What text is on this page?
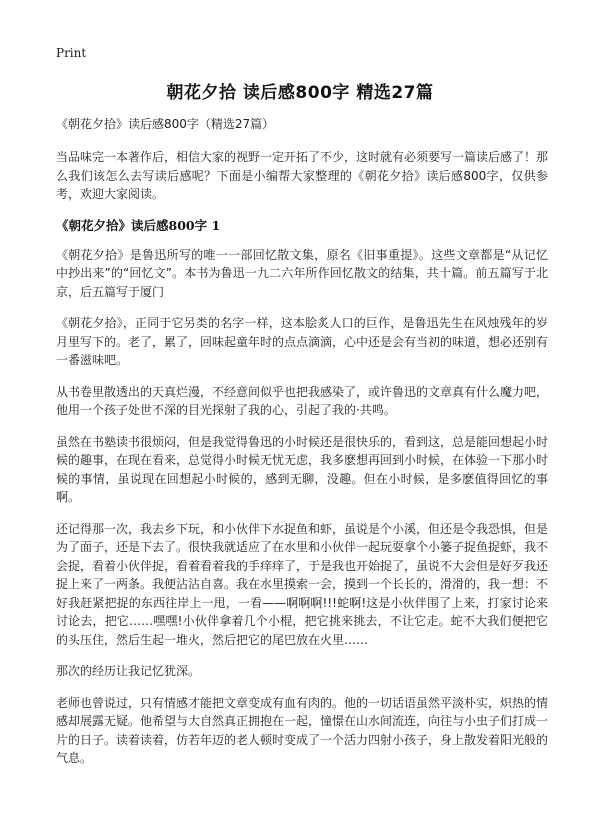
Print
朝花夕拾 读后感800字 精选27篇

《朝花夕拾》读后感800字（精选27篇）

当品味完一本著作后，相信大家的视野一定开拓了不少，这时就有必须要写一篇读后感了！那么我们该怎么去写读后感呢？下面是小编帮大家整理的《朝花夕拾》读后感800字，仅供参考，欢迎大家阅读。

《朝花夕拾》读后感800字 1

《朝花夕拾》是鲁迅所写的唯一一部回忆散文集，原名《旧事重提》。这些文章都是“从记忆中抄出来”的“回忆文”。本书为鲁迅一九二六年所作回忆散文的结集，共十篇。前五篇写于北京，后五篇写于厦门

《朝花夕拾》，正同于它另类的名字一样，这本脍炙人口的巨作，是鲁迅先生在风烛残年的岁月里写下的。老了，累了，回味起童年时的点点滴滴，心中还是会有当初的味道，想必还别有一番滋味吧。

从书卷里散透出的天真烂漫，不经意间似乎也把我感染了，或许鲁迅的文章真有什么魔力吧，他用一个孩子处世不深的目光探射了我的心，引起了我的·共鸣。

虽然在书塾读书很烦闷，但是我觉得鲁迅的小时候还是很快乐的，看到这，总是能回想起小时候的趣事，在现在看来，总觉得小时候无忧无虑，我多麽想再回到小时候，在体验一下那小时候的事情，虽说现在回想起小时候的，感到无聊，没趣。但在小时候，是多麽值得回忆的事啊。

还记得那一次，我去乡下玩，和小伙伴下水捉鱼和虾，虽说是个小溪，但还是令我恐惧，但是为了面子，还是下去了。很快我就适应了在水里和小伙伴一起玩耍拿个小篓子捉鱼捉虾，我不会捉，看着小伙伴捉，看着看着我的手痒痒了，于是我也开始捉了，虽说不大会但是好歹我还捉上来了一两条。我便沾沾自喜。我在水里摸索一会，摸到一个长长的，滑滑的，我一想：不好我赶紧把捉的东西往岸上一甩，一看——啊啊啊!!!蛇啊!这是小伙伴围了上来，打家讨论来讨论去，把它……嘿嘿!小伙伴拿着几个小棍，把它挑来挑去，不让它走。蛇不大我们便把它的头压住，然后生起一堆火，然后把它的尾巴放在火里……

那次的经历让我记忆犹深。

老师也曾说过，只有情感才能把文章变成有血有肉的。他的一切话语虽然平淡朴实，炽热的情感却展露无疑。他希望与大自然真正拥抱在一起，憧憬在山水间流连，向往与小虫子们打成一片的日子。读着读着，仿若年迈的老人顿时变成了一个活力四射小孩子，身上散发着阳光般的气息。
